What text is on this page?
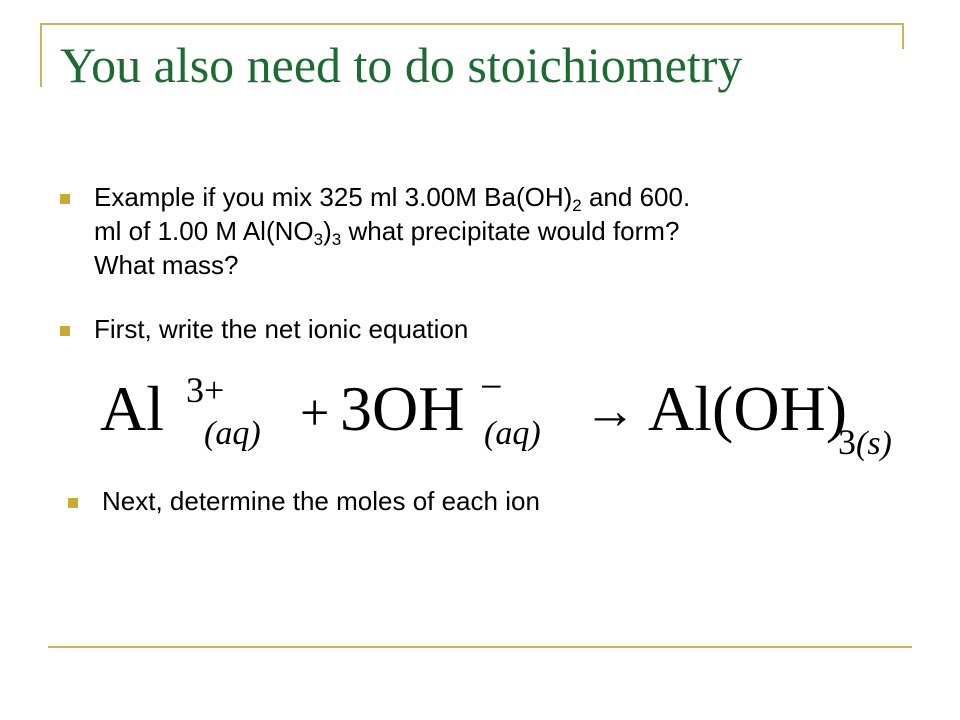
You also need to do stoichiometry
Example if you mix 325 ml 3.00M $Ba(OH)_2$ and 600.
ml of 1.00 M $Al(NO_3)_3$ what precipitate would form?
What mass?
First, write the net ionic equation
Al 3+
(aq) + 3OH −
(aq) → Al(OH)
3 (s)
Next, determine the moles of each ion
